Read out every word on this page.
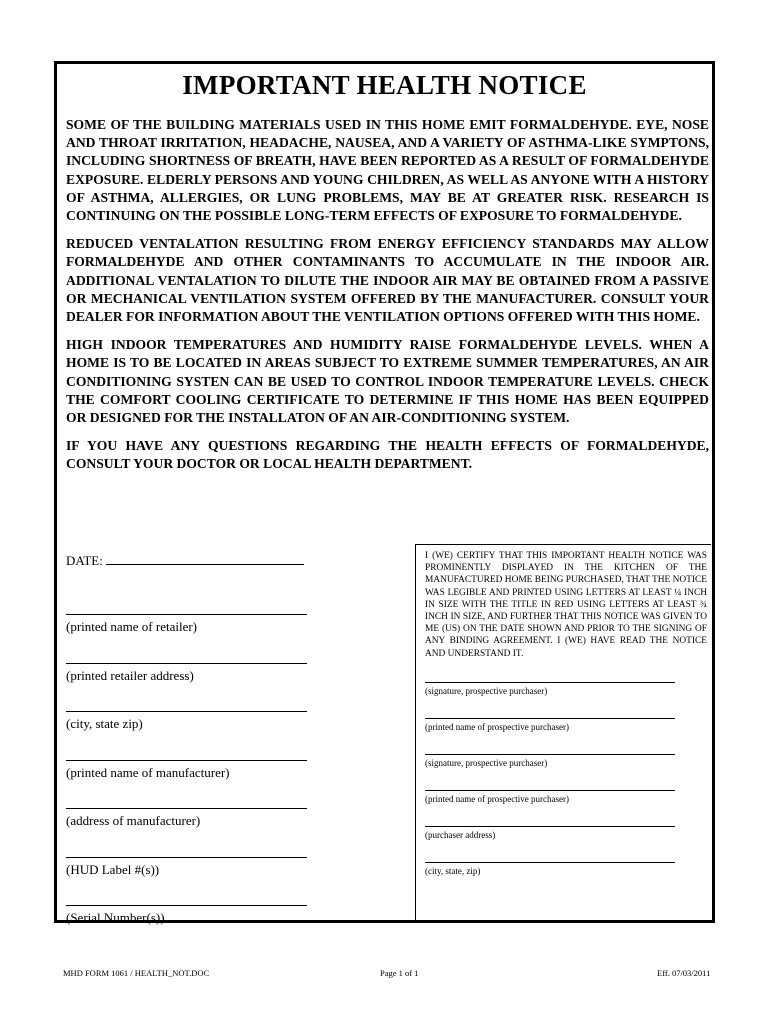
IMPORTANT HEALTH NOTICE

SOME OF THE BUILDING MATERIALS USED IN THIS HOME EMIT FORMALDEHYDE. EYE, NOSE AND THROAT IRRITATION, HEADACHE, NAUSEA, AND A VARIETY OF ASTHMA-LIKE SYMPTONS, INCLUDING SHORTNESS OF BREATH, HAVE BEEN REPORTED AS A RESULT OF FORMALDEHYDE EXPOSURE. ELDERLY PERSONS AND YOUNG CHILDREN, AS WELL AS ANYONE WITH A HISTORY OF ASTHMA, ALLERGIES, OR LUNG PROBLEMS, MAY BE AT GREATER RISK. RESEARCH IS CONTINUING ON THE POSSIBLE LONG-TERM EFFECTS OF EXPOSURE TO FORMALDEHYDE.

REDUCED VENTALATION RESULTING FROM ENERGY EFFICIENCY STANDARDS MAY ALLOW FORMALDEHYDE AND OTHER CONTAMINANTS TO ACCUMULATE IN THE INDOOR AIR. ADDITIONAL VENTALATION TO DILUTE THE INDOOR AIR MAY BE OBTAINED FROM A PASSIVE OR MECHANICAL VENTILATION SYSTEM OFFERED BY THE MANUFACTURER. CONSULT YOUR DEALER FOR INFORMATION ABOUT THE VENTILATION OPTIONS OFFERED WITH THIS HOME.

HIGH INDOOR TEMPERATURES AND HUMIDITY RAISE FORMALDEHYDE LEVELS. WHEN A HOME IS TO BE LOCATED IN AREAS SUBJECT TO EXTREME SUMMER TEMPERATURES, AN AIR CONDITIONING SYSTEN CAN BE USED TO CONTROL INDOOR TEMPERATURE LEVELS. CHECK THE COMFORT COOLING CERTIFICATE TO DETERMINE IF THIS HOME HAS BEEN EQUIPPED OR DESIGNED FOR THE INSTALLATON OF AN AIR-CONDITIONING SYSTEM.

IF YOU HAVE ANY QUESTIONS REGARDING THE HEALTH EFFECTS OF FORMALDEHYDE, CONSULT YOUR DOCTOR OR LOCAL HEALTH DEPARTMENT.

DATE:
(printed name of retailer)
(printed retailer address)
(city, state zip)
(printed name of manufacturer)
(address of manufacturer)
(HUD Label #(s))
(Serial Number(s))
I (WE) CERTIFY THAT THIS IMPORTANT HEALTH NOTICE WAS PROMINENTLY DISPLAYED IN THE KITCHEN OF THE MANUFACTURED HOME BEING PURCHASED, THAT THE NOTICE WAS LEGIBLE AND PRINTED USING LETTERS AT LEAST ¼ INCH IN SIZE WITH THE TITLE IN RED USING LETTERS AT LEAST ¾ INCH IN SIZE, AND FURTHER THAT THIS NOTICE WAS GIVEN TO ME (US) ON THE DATE SHOWN AND PRIOR TO THE SIGNING OF ANY BINDING AGREEMENT. I (WE) HAVE READ THE NOTICE AND UNDERSTAND IT.
(signature, prospective purchaser)
(printed name of prospective purchaser)
(signature, prospective purchaser)
(printed name of prospective purchaser)
(purchaser address)
(city, state, zip)
MHD FORM 1061 / HEALTH_NOT.DOC	Page 1 of 1	Eff. 07/03/2011
